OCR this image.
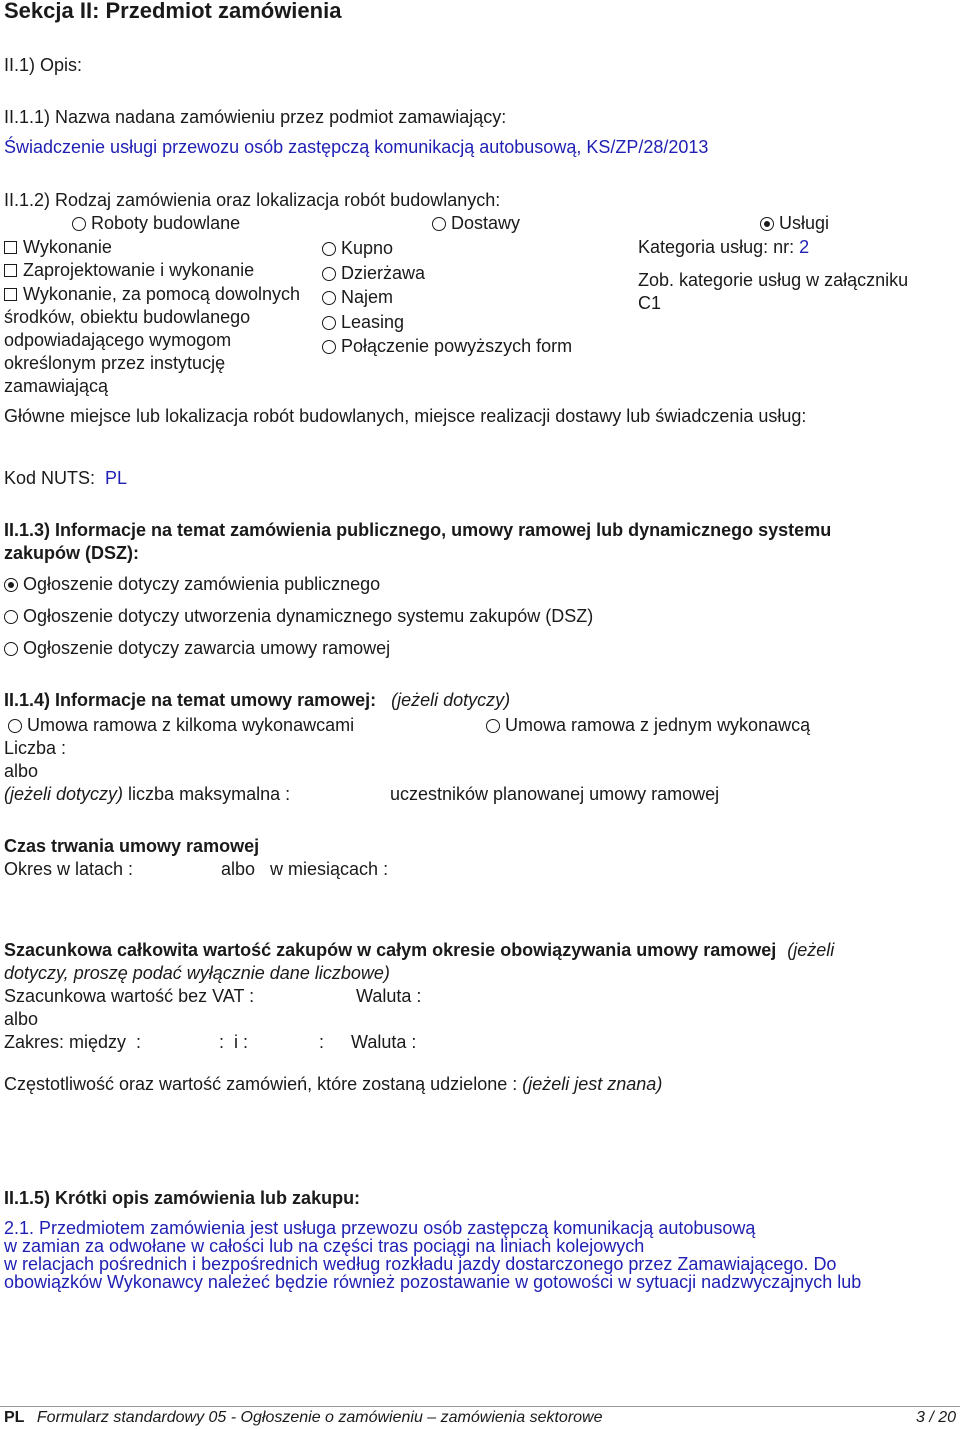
Sekcja II: Przedmiot zamówienia
II.1) Opis:
II.1.1) Nazwa nadana zamówieniu przez podmiot zamawiający:
Świadczenie usługi przewozu osób zastępczą komunikacją autobusową, KS/ZP/28/2013
II.1.2) Rodzaj zamówienia oraz lokalizacja robót budowlanych:
Roboty budowlane	Dostawy	Usługi
Wykonanie
Zaprojektowanie i wykonanie
Wykonanie, za pomocą dowolnych
środków, obiektu budowlanego
odpowiadającego wymogom
określonym przez instytucję
zamawiającą
Kupno
Dzierżawa
Najem
Leasing
Połączenie powyższych form
Kategoria usług: nr: 2
Zob. kategorie usług w załączniku
C1
Główne miejsce lub lokalizacja robót budowlanych, miejsce realizacji dostawy lub świadczenia usług:
Kod NUTS: PL
II.1.3) Informacje na temat zamówienia publicznego, umowy ramowej lub dynamicznego systemu
zakupów (DSZ):
Ogłoszenie dotyczy zamówienia publicznego
Ogłoszenie dotyczy utworzenia dynamicznego systemu zakupów (DSZ)
Ogłoszenie dotyczy zawarcia umowy ramowej
II.1.4) Informacje na temat umowy ramowej: (jeżeli dotyczy)
Umowa ramowa z kilkoma wykonawcami	Umowa ramowa z jednym wykonawcą
Liczba :
albo
(jeżeli dotyczy) liczba maksymalna :	uczestników planowanej umowy ramowej
Czas trwania umowy ramowej
Okres w latach :	albo   w miesiącach :
Szacunkowa całkowita wartość zakupów w całym okresie obowiązywania umowy ramowej (jeżeli
dotyczy, proszę podać wyłącznie dane liczbowe)
Szacunkowa wartość bez VAT :	Waluta :
albo
Zakres: między  :	:  i :	: Waluta :
Częstotliwość oraz wartość zamówień, które zostaną udzielone : (jeżeli jest znana)
II.1.5) Krótki opis zamówienia lub zakupu:
2.1. Przedmiotem zamówienia jest usługa przewozu osób zastępczą komunikacją autobusową
w zamian za odwołane w całości lub na części tras pociągi na liniach kolejowych
w relacjach pośrednich i bezpośrednich według rozkładu jazdy dostarczonego przez Zamawiającego. Do
obowiązków Wykonawcy należeć będzie również pozostawanie w gotowości w sytuacji nadzwyczajnych lub
PL Formularz standardowy 05 - Ogłoszenie o zamówieniu – zamówienia sektorowe	3 / 20
